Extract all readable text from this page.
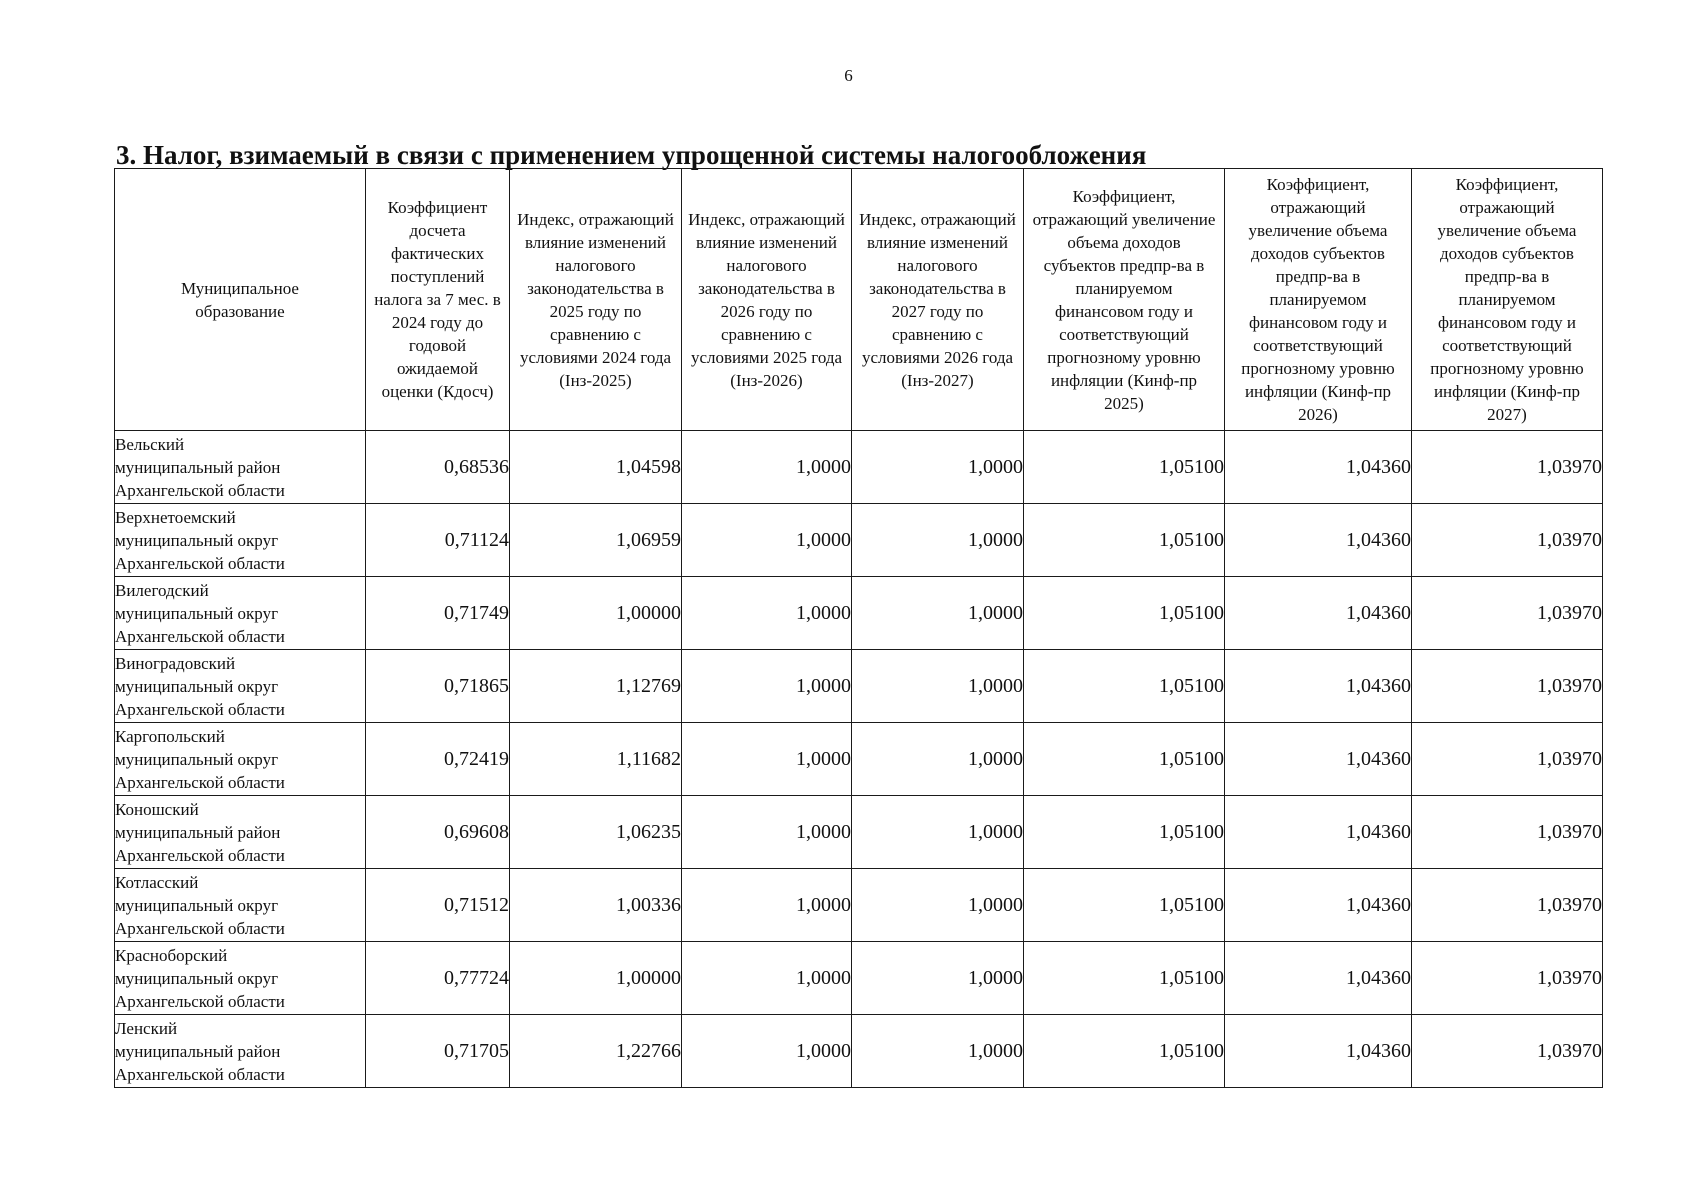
6
3. Налог, взимаемый в связи с применением упрощенной системы налогообложения
Муниципальное образование	Коэффициент досчета фактических поступлений налога за 7 мес. в 2024 году до годовой ожидаемой оценки (Кдосч)	Индекс, отражающий влияние изменений налогового законодательства в 2025 году по сравнению с условиями 2024 года (Інз-2025)	Индекс, отражающий влияние изменений налогового законодательства в 2026 году по сравнению с условиями 2025 года (Інз-2026)	Индекс, отражающий влияние изменений налогового законодательства в 2027 году по сравнению с условиями 2026 года (Інз-2027)	Коэффициент, отражающий увеличение объема доходов субъектов предпр-ва в планируемом финансовом году и соответствующий прогнозному уровню инфляции (Кинф-пр 2025)	Коэффициент, отражающий увеличение объема доходов субъектов предпр-ва в планируемом финансовом году и соответствующий прогнозному уровню инфляции (Кинф-пр 2026)	Коэффициент, отражающий увеличение объема доходов субъектов предпр-ва в планируемом финансовом году и соответствующий прогнозному уровню инфляции (Кинф-пр 2027)

Вельский
муниципальный район
Архангельской области	0,68536	1,04598	1,0000	1,0000	1,05100	1,04360	1,03970

Верхнетоемский
муниципальный округ
Архангельской области	0,71124	1,06959	1,0000	1,0000	1,05100	1,04360	1,03970

Вилегодский
муниципальный округ
Архангельской области	0,71749	1,00000	1,0000	1,0000	1,05100	1,04360	1,03970

Виноградовский
муниципальный округ
Архангельской области	0,71865	1,12769	1,0000	1,0000	1,05100	1,04360	1,03970

Каргопольский
муниципальный округ
Архангельской области	0,72419	1,11682	1,0000	1,0000	1,05100	1,04360	1,03970

Коношский
муниципальный район
Архангельской области	0,69608	1,06235	1,0000	1,0000	1,05100	1,04360	1,03970

Котласский
муниципальный округ
Архангельской области	0,71512	1,00336	1,0000	1,0000	1,05100	1,04360	1,03970

Красноборский
муниципальный округ
Архангельской области	0,77724	1,00000	1,0000	1,0000	1,05100	1,04360	1,03970

Ленский
муниципальный район
Архангельской области	0,71705	1,22766	1,0000	1,0000	1,05100	1,04360	1,03970
